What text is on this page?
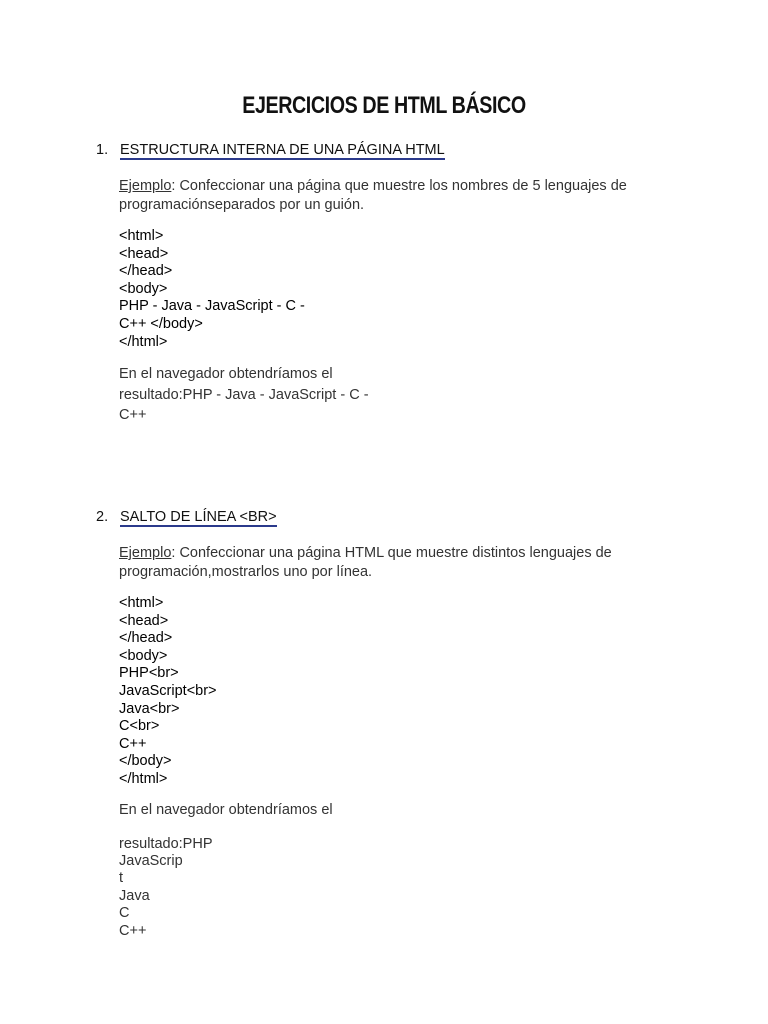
EJERCICIOS DE HTML BÁSICO
1. ESTRUCTURA INTERNA DE UNA PÁGINA HTML
Ejemplo: Confeccionar una página que muestre los nombres de 5 lenguajes de programaciónseparados por un guión.
<html>
<head>
</head>
<body>
PHP - Java - JavaScript - C -
C++ </body>
</html>
En el navegador obtendríamos el
resultado:PHP - Java - JavaScript - C -
C++
2. SALTO DE LÍNEA <BR>
Ejemplo: Confeccionar una página HTML que muestre distintos lenguajes de programación,mostrarlos uno por línea.
<html>
<head>
</head>
<body>
PHP<br>
JavaScript<br>
Java<br>
C<br>
C++
</body>
</html>
En el navegador obtendríamos el
resultado:PHP
JavaScrip
t
Java
C
C++
